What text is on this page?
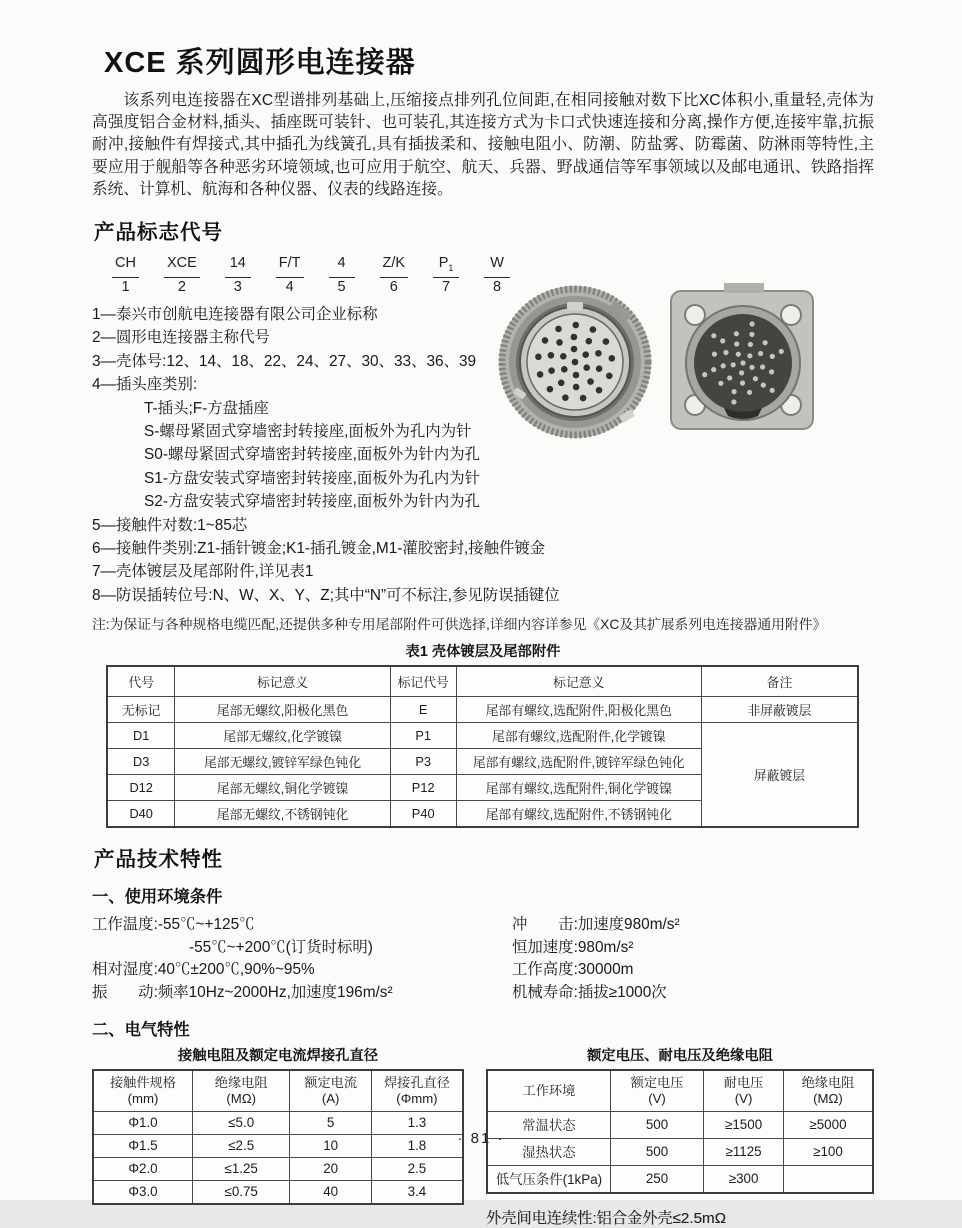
XCE 系列圆形电连接器

该系列电连接器在XC型谱排列基础上,压缩接点排列孔位间距,在相同接触对数下比XC体积小,重量轻,壳体为高强度铝合金材料,插头、插座既可装针、也可装孔,其连接方式为卡口式快速连接和分离,操作方便,连接牢靠,抗振耐冲,接触件有焊接式,其中插孔为线簧孔,具有插拔柔和、接触电阻小、防潮、防盐雾、防霉菌、防淋雨等特性,主要应用于舰船等各种恶劣环境领域,也可应用于航空、航天、兵器、野战通信等军事领域以及邮电通讯、铁路指挥系统、计算机、航海和各种仪器、仪表的线路连接。

产品标志代号
CH
1
XCE
2
14
3
F/T
4
4
5
Z/K
6
$P_1$
7
W
8
1—泰兴市创航电连接器有限公司企业标称
2—圆形电连接器主称代号
3—壳体号:12、14、18、22、24、27、30、33、36、39
4—插头座类别:
T-插头;F-方盘插座
S-螺母紧固式穿墙密封转接座,面板外为孔内为针
S0-螺母紧固式穿墙密封转接座,面板外为针内为孔
S1-方盘安装式穿墙密封转接座,面板外为孔内为针
S2-方盘安装式穿墙密封转接座,面板外为针内为孔
5—接触件对数:1~85芯
6—接触件类别:Z1-插针镀金;K1-插孔镀金,M1-灌胶密封,接触件镀金
7—壳体镀层及尾部附件,详见表1
8—防误插转位号:N、W、X、Y、Z;其中“N”可不标注,参见防误插键位
注:为保证与各种规格电缆匹配,还提供多种专用尾部附件可供选择,详细内容详参见《XC及其扩展系列电连接器通用附件》
表1 壳体镀层及尾部附件
代号	标记意义	标记代号	标记意义	备注
无标记	尾部无螺纹,阳极化黑色	E	尾部有螺纹,选配附件,阳极化黑色	非屏蔽镀层
D1	尾部无螺纹,化学镀镍	P1	尾部有螺纹,选配附件,化学镀镍	屏蔽镀层
D3	尾部无螺纹,镀锌军绿色钝化	P3	尾部有螺纹,选配附件,镀锌军绿色钝化	
D12	尾部无螺纹,铜化学镀镍	P12	尾部有螺纹,选配附件,铜化学镀镍	
D40	尾部无螺纹,不锈钢钝化	P40	尾部有螺纹,选配附件,不锈钢钝化	
产品技术特性
一、使用环境条件
工作温度:-55℃~+125℃
-55℃~+200℃(订货时标明)
相对湿度:40℃±200℃,90%~95%
振　　动:频率10Hz~2000Hz,加速度196m/s²
冲　　击:加速度980m/s²
恒加速度:980m/s²
工作高度:30000m
机械寿命:插拔≥1000次
二、电气特性
接触电阻及额定电流焊接孔直径
接触件规格
(mm)	绝缘电阻
(MΩ)	额定电流
(A)	焊接孔直径
(Φmm)

Φ1.0	≤5.0	5	1.3
Φ1.5	≤2.5	10	1.8
Φ2.0	≤1.25	20	2.5
Φ3.0	≤0.75	40	3.4
额定电压、耐电压及绝缘电阻
工作环境	额定电压
(V)	耐电压
(V)	绝缘电阻
(MΩ)

常温状态	500	≥1500	≥5000
湿热状态	500	≥1125	≥100
低气压条件(1kPa)	250	≥300	
外壳间电连续性:铝合金外壳≤2.5mΩ
· 81 ·
